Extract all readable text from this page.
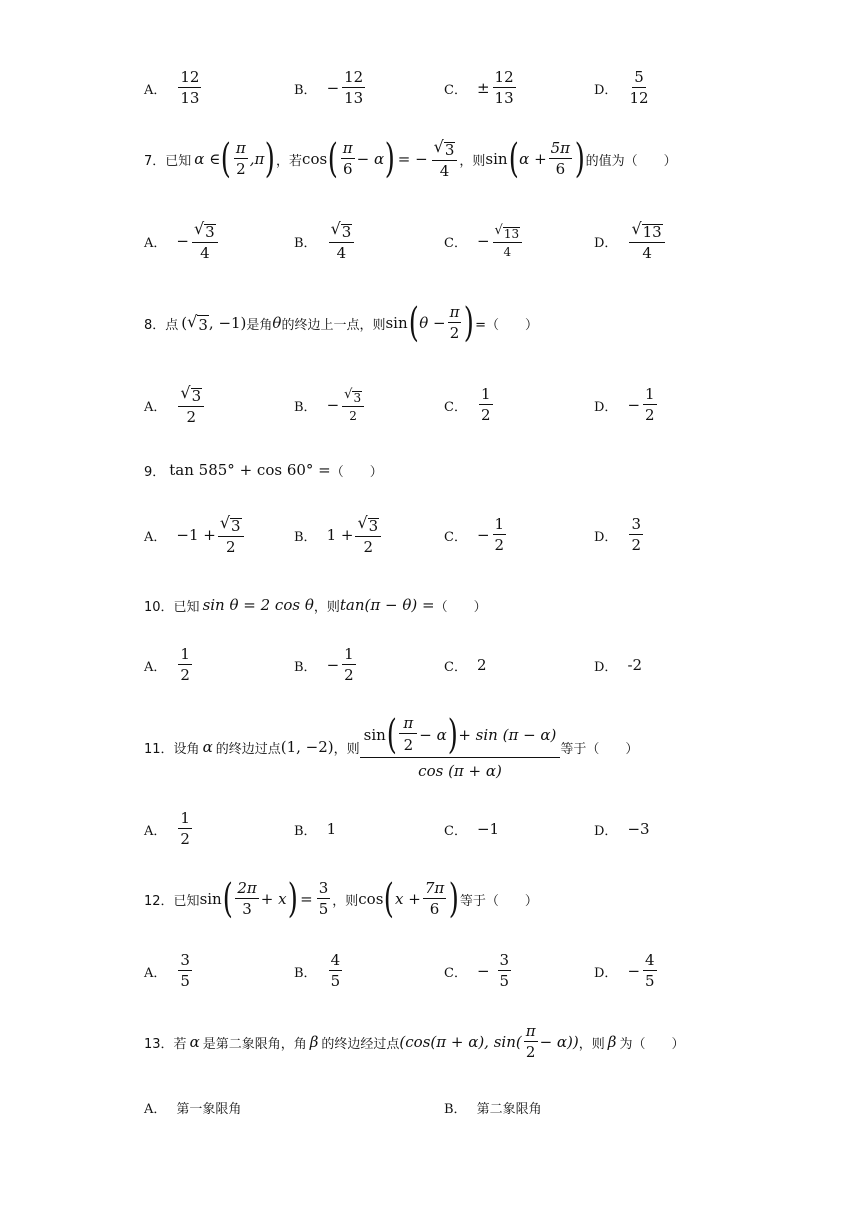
A． $\frac{12}{13}$	B． − $\frac{12}{13}$	C． ± $\frac{12}{13}$	D． $\frac{5}{12}$
7． 已知 α ∈ ( $\frac{\pi}{2} ,\pi$ ) ，若 cos ( $\frac{\pi}{6} - \alpha$ ) = − $\frac{√ 3}{4}$ ，则 sin ( $\alpha + \frac{5\pi}{6}$ ) 的值为（　　）
A． − $\frac{√ 3}{4}$	B． $\frac{√ 3}{4}$	C． − $\frac{√ 13}{4}$	D． $\frac{√ 13}{4}$
8． 点 ( √ 3 , −1) 是角 θ 的终边上一点，则 sin ( $\theta - \frac{\pi}{2}$ ) =（　　）
A． $\frac{√ 3}{2}$	B． − $\frac{√ 3}{2}$	C． $\frac{1}{2}$	D． − $\frac{1}{2}$
9． tan 585° + cos 60° = （　　）
A． $-1 + \frac{√ 3}{2}$	B． $1 + \frac{√ 3}{2}$	C． − $\frac{1}{2}$	D． $\frac{3}{2}$
10． 已知 sin θ = 2 cos θ ，则 tan(π − θ) = （　　）
A． $\frac{1}{2}$	B． − $\frac{1}{2}$	C． 2	D． -2
11． 设角 α 的终边过点 (1, −2) ，则 $\frac{\sin ( \frac{\pi}{2} - \alpha ) + \sin (\pi - \alpha)}{\cos (\pi + \alpha)}$ 等于（　　）
A． $\frac{1}{2}$	B． 1	C． −1	D． −3
12． 已知 sin ( $\frac{2\pi}{3} + x$ ) = $\frac{3}{5}$ ，则 cos ( $x + \frac{7\pi}{6}$ ) 等于（　　）
A． $\frac{3}{5}$	B． $\frac{4}{5}$	C． − $\frac{3}{5}$	D． − $\frac{4}{5}$
13． 若 α 是第二象限角，角 β 的终边经过点 (cos(π + α), $\sin( \frac{\pi}{2} - \alpha)$) ，则 β 为（　　）
A． 第一象限角	B． 第二象限角
